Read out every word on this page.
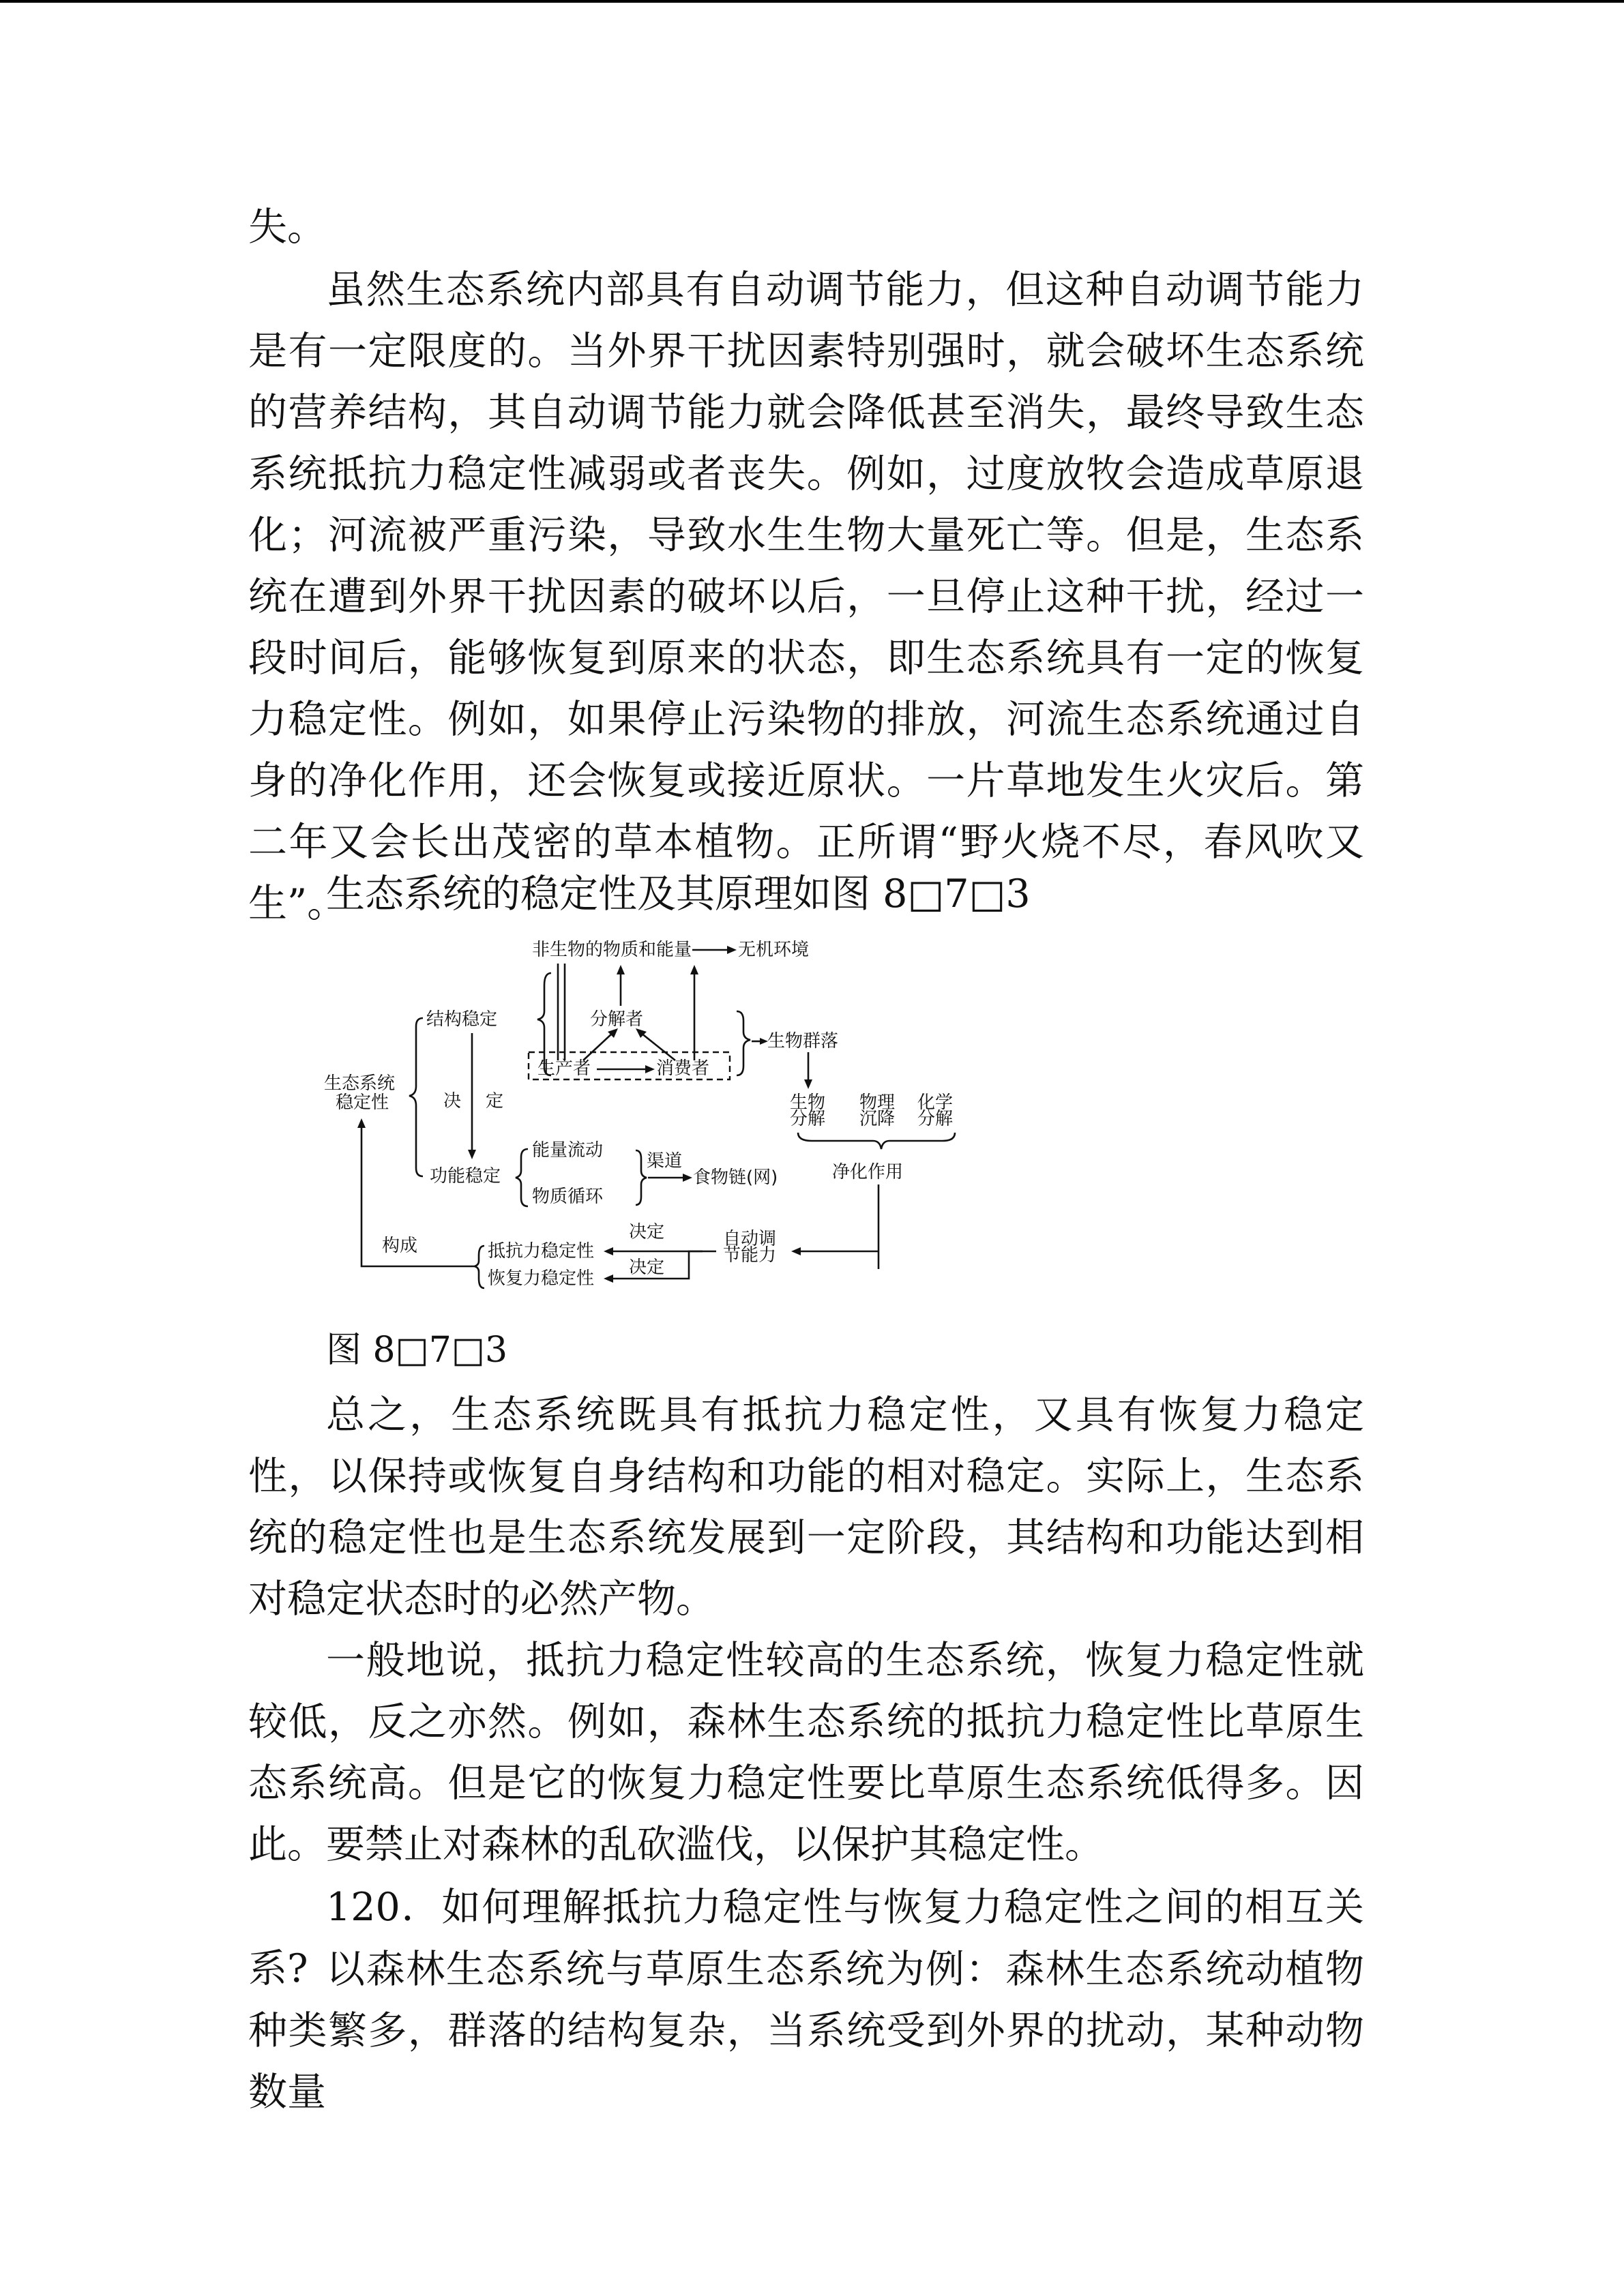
失。

虽然生态系统内部具有自动调节能力，但这种自动调节能力是有一定限度的。当外界干扰因素特别强时，就会破坏生态系统的营养结构，其自动调节能力就会降低甚至消失，最终导致生态系统抵抗力稳定性减弱或者丧失。例如，过度放牧会造成草原退化；河流被严重污染，导致水生生物大量死亡等。但是，生态系统在遭到外界干扰因素的破坏以后，一旦停止这种干扰，经过一段时间后，能够恢复到原来的状态，即生态系统具有一定的恢复力稳定性。例如，如果停止污染物的排放，河流生态系统通过自身的净化作用，还会恢复或接近原状。一片草地发生火灾后。第二年又会长出茂密的草本植物。正所谓“野火烧不尽，春风吹又生”。

生态系统的稳定性及其原理如图 8□7□3

总之，生态系统既具有抵抗力稳定性，又具有恢复力稳定性，以保持或恢复自身结构和功能的相对稳定。实际上，生态系统的稳定性也是生态系统发展到一定阶段，其结构和功能达到相对稳定状态时的必然产物。

一般地说，抵抗力稳定性较高的生态系统，恢复力稳定性就较低，反之亦然。例如，森林生态系统的抵抗力稳定性比草原生态系统高。但是它的恢复力稳定性要比草原生态系统低得多。因此。要禁止对森林的乱砍滥伐，以保护其稳定性。

120．如何理解抵抗力稳定性与恢复力稳定性之间的相互关系? 以森林生态系统与草原生态系统为例：森林生态系统动植物种类繁多，群落的结构复杂，当系统受到外界的扰动，某种动物数量

非生物的物质和能量	无机环境
分解者
结构稳定
生产者	消费者
生物群落
生态系统
稳定性	决 定	生物
分解
物理
沉降
化学
分解
功能稳定
能量流动
物质循环
渠道
食物链(网)	净化作用
自动调
节能力
决定
决定
抵抗力稳定性
恢复力稳定性
构成

图 8□7□3
